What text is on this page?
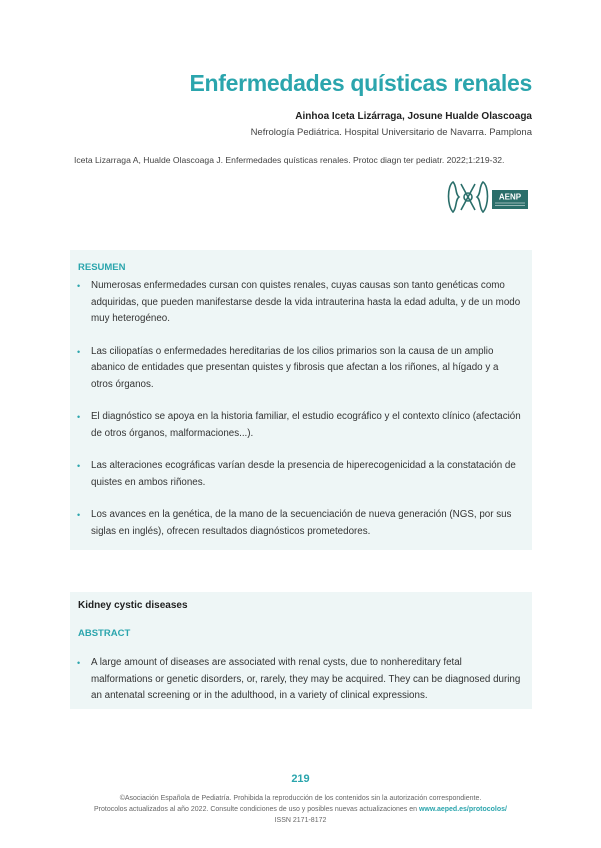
Enfermedades quísticas renales
Ainhoa Iceta Lizárraga, Josune Hualde Olascoaga
Nefrología Pediátrica. Hospital Universitario de Navarra. Pamplona
Iceta Lizarraga A, Hualde Olascoaga J. Enfermedades quísticas renales. Protoc diagn ter pediatr. 2022;1:219-32.
AENP
RESUMEN
• Numerosas enfermedades cursan con quistes renales, cuyas causas son tanto genéticas como adquiridas, que pueden manifestarse desde la vida intrauterina hasta la edad adulta, y de un modo muy heterogéneo.
• Las ciliopatías o enfermedades hereditarias de los cilios primarios son la causa de un amplio abanico de entidades que presentan quistes y fibrosis que afectan a los riñones, al hígado y a otros órganos.
• El diagnóstico se apoya en la historia familiar, el estudio ecográfico y el contexto clínico (afectación de otros órganos, malformaciones...).
• Las alteraciones ecográficas varían desde la presencia de hiperecogenicidad a la constatación de quistes en ambos riñones.
• Los avances en la genética, de la mano de la secuenciación de nueva generación (NGS, por sus siglas en inglés), ofrecen resultados diagnósticos prometedores.
Kidney cystic diseases
ABSTRACT
• A large amount of diseases are associated with renal cysts, due to nonhereditary fetal malformations or genetic disorders, or, rarely, they may be acquired. They can be diagnosed during an antenatal screening or in the adulthood, in a variety of clinical expressions.
219
©Asociación Española de Pediatría. Prohibida la reproducción de los contenidos sin la autorización correspondiente.
Protocolos actualizados al año 2022. Consulte condiciones de uso y posibles nuevas actualizaciones en www.aeped.es/protocolos/
ISSN 2171-8172
